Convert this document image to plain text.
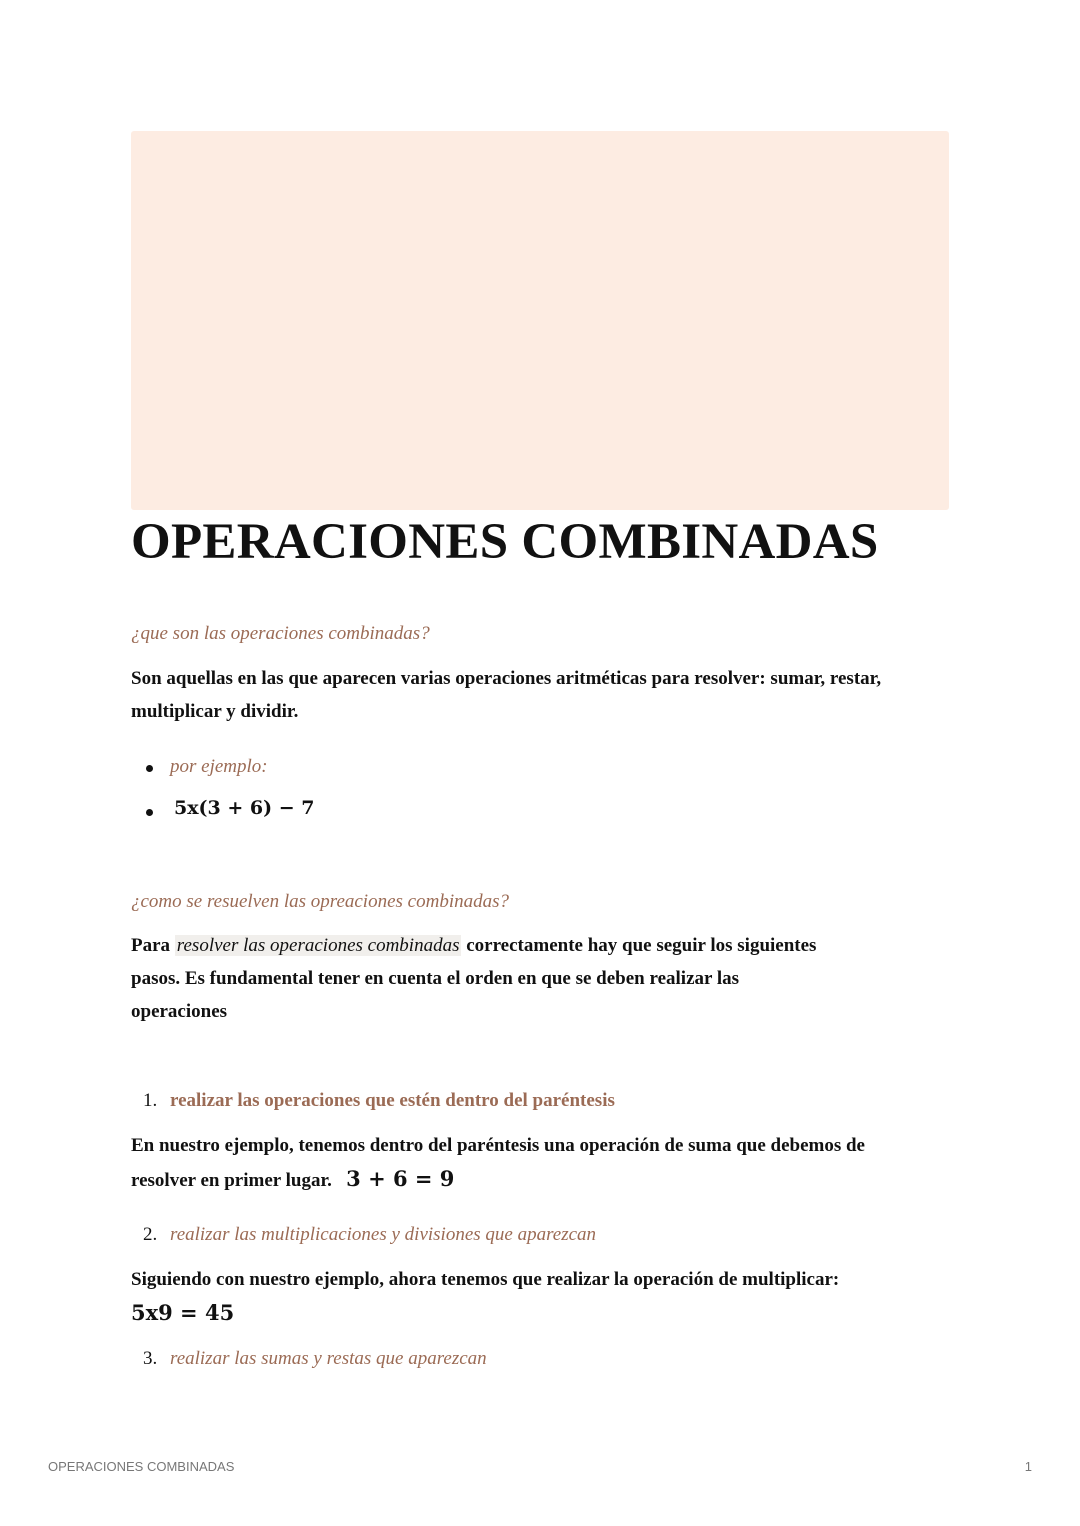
OPERACIONES COMBINADAS
¿que son las operaciones combinadas?
Son aquellas en las que aparecen varias operaciones aritméticas para resolver: sumar, restar, multiplicar y dividir.
por ejemplo:
5x(3 + 6) − 7
¿como se resuelven las opreaciones combinadas?
Para resolver las operaciones combinadas correctamente hay que seguir los siguientes pasos. Es fundamental tener en cuenta el orden en que se deben realizar las operaciones
1. realizar las operaciones que estén dentro del paréntesis
En nuestro ejemplo, tenemos dentro del paréntesis una operación de suma que debemos de resolver en primer lugar. 3 + 6 = 9
2. realizar las multiplicaciones y divisiones que aparezcan
Siguiendo con nuestro ejemplo, ahora tenemos que realizar la operación de multiplicar:
5x9 = 45
3. realizar las sumas y restas que aparezcan
OPERACIONES COMBINADAS	1
